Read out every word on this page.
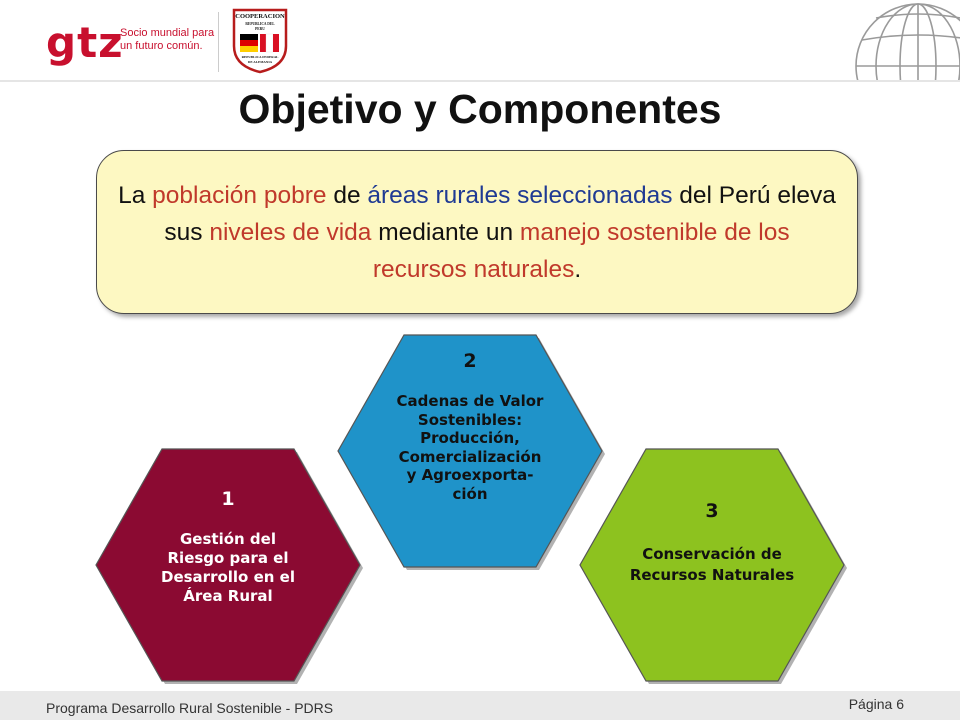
gtz
Socio mundial para
un futuro común.
COOPERACION
REPUBLICA DEL
PERU
REPUBLICA FEDERAL
DE ALEMANIA
Objetivo y Componentes
La población pobre de áreas rurales seleccionadas del Perú eleva sus niveles de vida mediante un manejo sostenible de los recursos naturales.
1
Gestión del
Riesgo para el
Desarrollo en el
Área Rural
2
Cadenas de Valor
Sostenibles:
Producción,
Comercialización
y Agroexporta-
ción
3
Conservación de
Recursos Naturales
Programa Desarrollo Rural Sostenible - PDRS	Página 6
